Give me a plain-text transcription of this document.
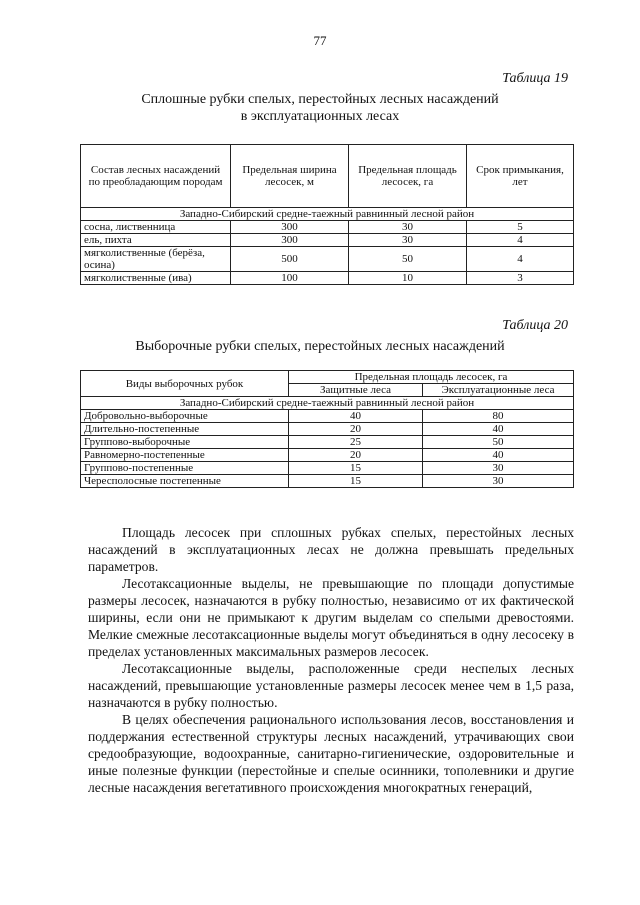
77
Таблица 19
Сплошные рубки спелых, перестойных лесных насаждений
в эксплуатационных лесах
Состав лесных насаждений по преобладающим породам	Предельная ширина лесосек, м	Предельная площадь лесосек, га	Срок примыкания, лет
Западно-Сибирский средне-таежный равнинный лесной район			
сосна, лиственница	300	30	5
ель, пихта	300	30	4
мягколиственные (берёза, осина)	500	50	4
мягколиственные (ива)	100	10	3
Таблица 20
Выборочные рубки спелых, перестойных лесных насаждений
Виды выборочных рубок	Предельная площадь лесосек, га	
	Защитные леса	Эксплуатационные леса
Западно-Сибирский средне-таежный равнинный лесной район		
Добровольно-выборочные	40	80
Длительно-постепенные	20	40
Группово-выборочные	25	50
Равномерно-постепенные	20	40
Группово-постепенные	15	30
Чересполосные постепенные	15	30

Площадь лесосек при сплошных рубках спелых, перестойных лесных насаждений в эксплуатационных лесах не должна превышать предельных параметров.

Лесотаксационные выделы, не превышающие по площади допустимые размеры лесосек, назначаются в рубку полностью, независимо от их фактической ширины, если они не примыкают к другим выделам со спелыми древостоями. Мелкие смежные лесотаксационные выделы могут объединяться в одну лесосеку в пределах установленных максимальных размеров лесосек.

Лесотаксационные выделы, расположенные среди неспелых лесных насаждений, превышающие установленные размеры лесосек менее чем в 1,5 раза, назначаются в рубку полностью.

В целях обеспечения рационального использования лесов, восстановления и поддержания естественной структуры лесных насаждений, утрачивающих свои средообразующие, водоохранные, санитарно-гигиенические, оздоровительные и иные полезные функции (перестойные и спелые осинники, тополевники и другие лесные насаждения вегетативного происхождения многократных генераций,
